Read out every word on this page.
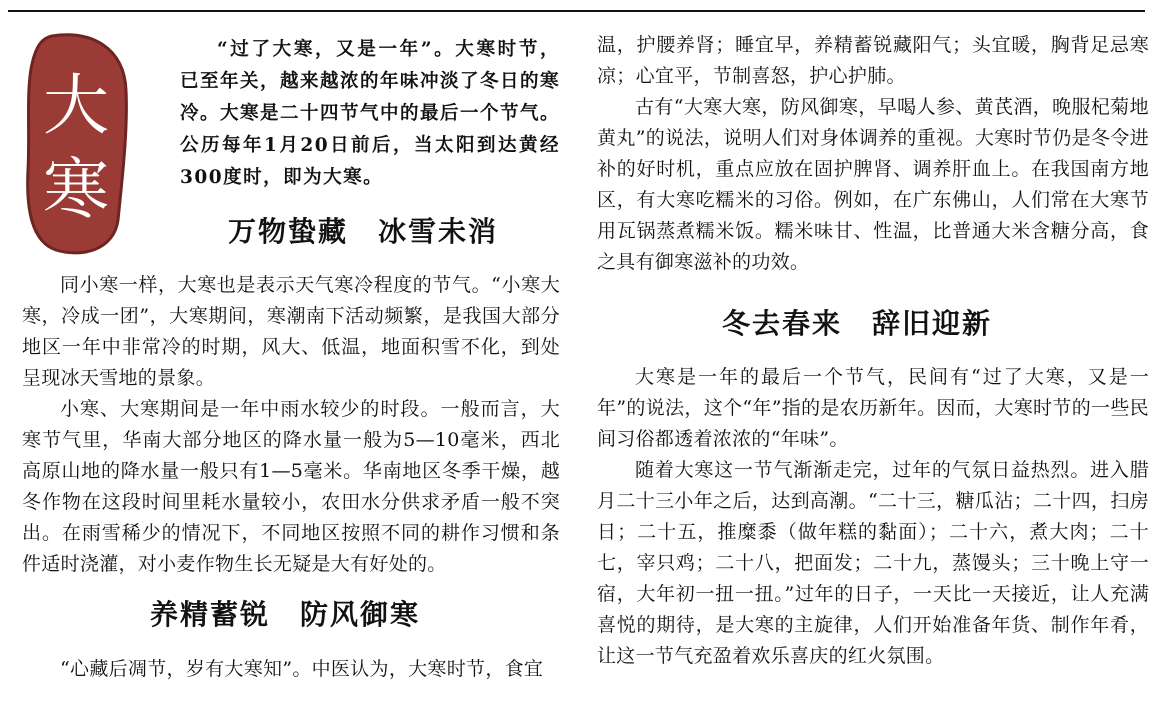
大
寒
“过了大寒，又是一年”。大寒时节，已至年关，越来越浓的年味冲淡了冬日的寒冷。大寒是二十四节气中的最后一个节气。公历每年1月20日前后，当太阳到达黄经300度时，即为大寒。
万物蛰藏　冰雪未消

同小寒一样，大寒也是表示天气寒冷程度的节气。“小寒大寒，冷成一团”，大寒期间，寒潮南下活动频繁，是我国大部分地区一年中非常冷的时期，风大、低温，地面积雪不化，到处呈现冰天雪地的景象。

小寒、大寒期间是一年中雨水较少的时段。一般而言，大寒节气里，华南大部分地区的降水量一般为5—10毫米，西北高原山地的降水量一般只有1—5毫米。华南地区冬季干燥，越冬作物在这段时间里耗水量较小，农田水分供求矛盾一般不突出。在雨雪稀少的情况下，不同地区按照不同的耕作习惯和条件适时浇灌，对小麦作物生长无疑是大有好处的。

养精蓄锐　防风御寒

“心藏后凋节，岁有大寒知”。中医认为，大寒时节，食宜

温，护腰养肾；睡宜早，养精蓄锐藏阳气；头宜暖，胸背足忌寒凉；心宜平，节制喜怒，护心护肺。

古有“大寒大寒，防风御寒，早喝人参、黄芪酒，晚服杞菊地黄丸”的说法，说明人们对身体调养的重视。大寒时节仍是冬令进补的好时机，重点应放在固护脾肾、调养肝血上。在我国南方地区，有大寒吃糯米的习俗。例如，在广东佛山，人们常在大寒节用瓦锅蒸煮糯米饭。糯米味甘、性温，比普通大米含糖分高，食之具有御寒滋补的功效。

冬去春来　辞旧迎新

大寒是一年的最后一个节气，民间有“过了大寒，又是一年”的说法，这个“年”指的是农历新年。因而，大寒时节的一些民间习俗都透着浓浓的“年味”。

随着大寒这一节气渐渐走完，过年的气氛日益热烈。进入腊月二十三小年之后，达到高潮。“二十三，糖瓜沾；二十四，扫房日；二十五，推糜黍（做年糕的黏面）；二十六，煮大肉；二十七，宰只鸡；二十八，把面发；二十九，蒸馒头；三十晚上守一宿，大年初一扭一扭。”过年的日子，一天比一天接近，让人充满喜悦的期待，是大寒的主旋律，人们开始准备年货、制作年肴，让这一节气充盈着欢乐喜庆的红火氛围。
